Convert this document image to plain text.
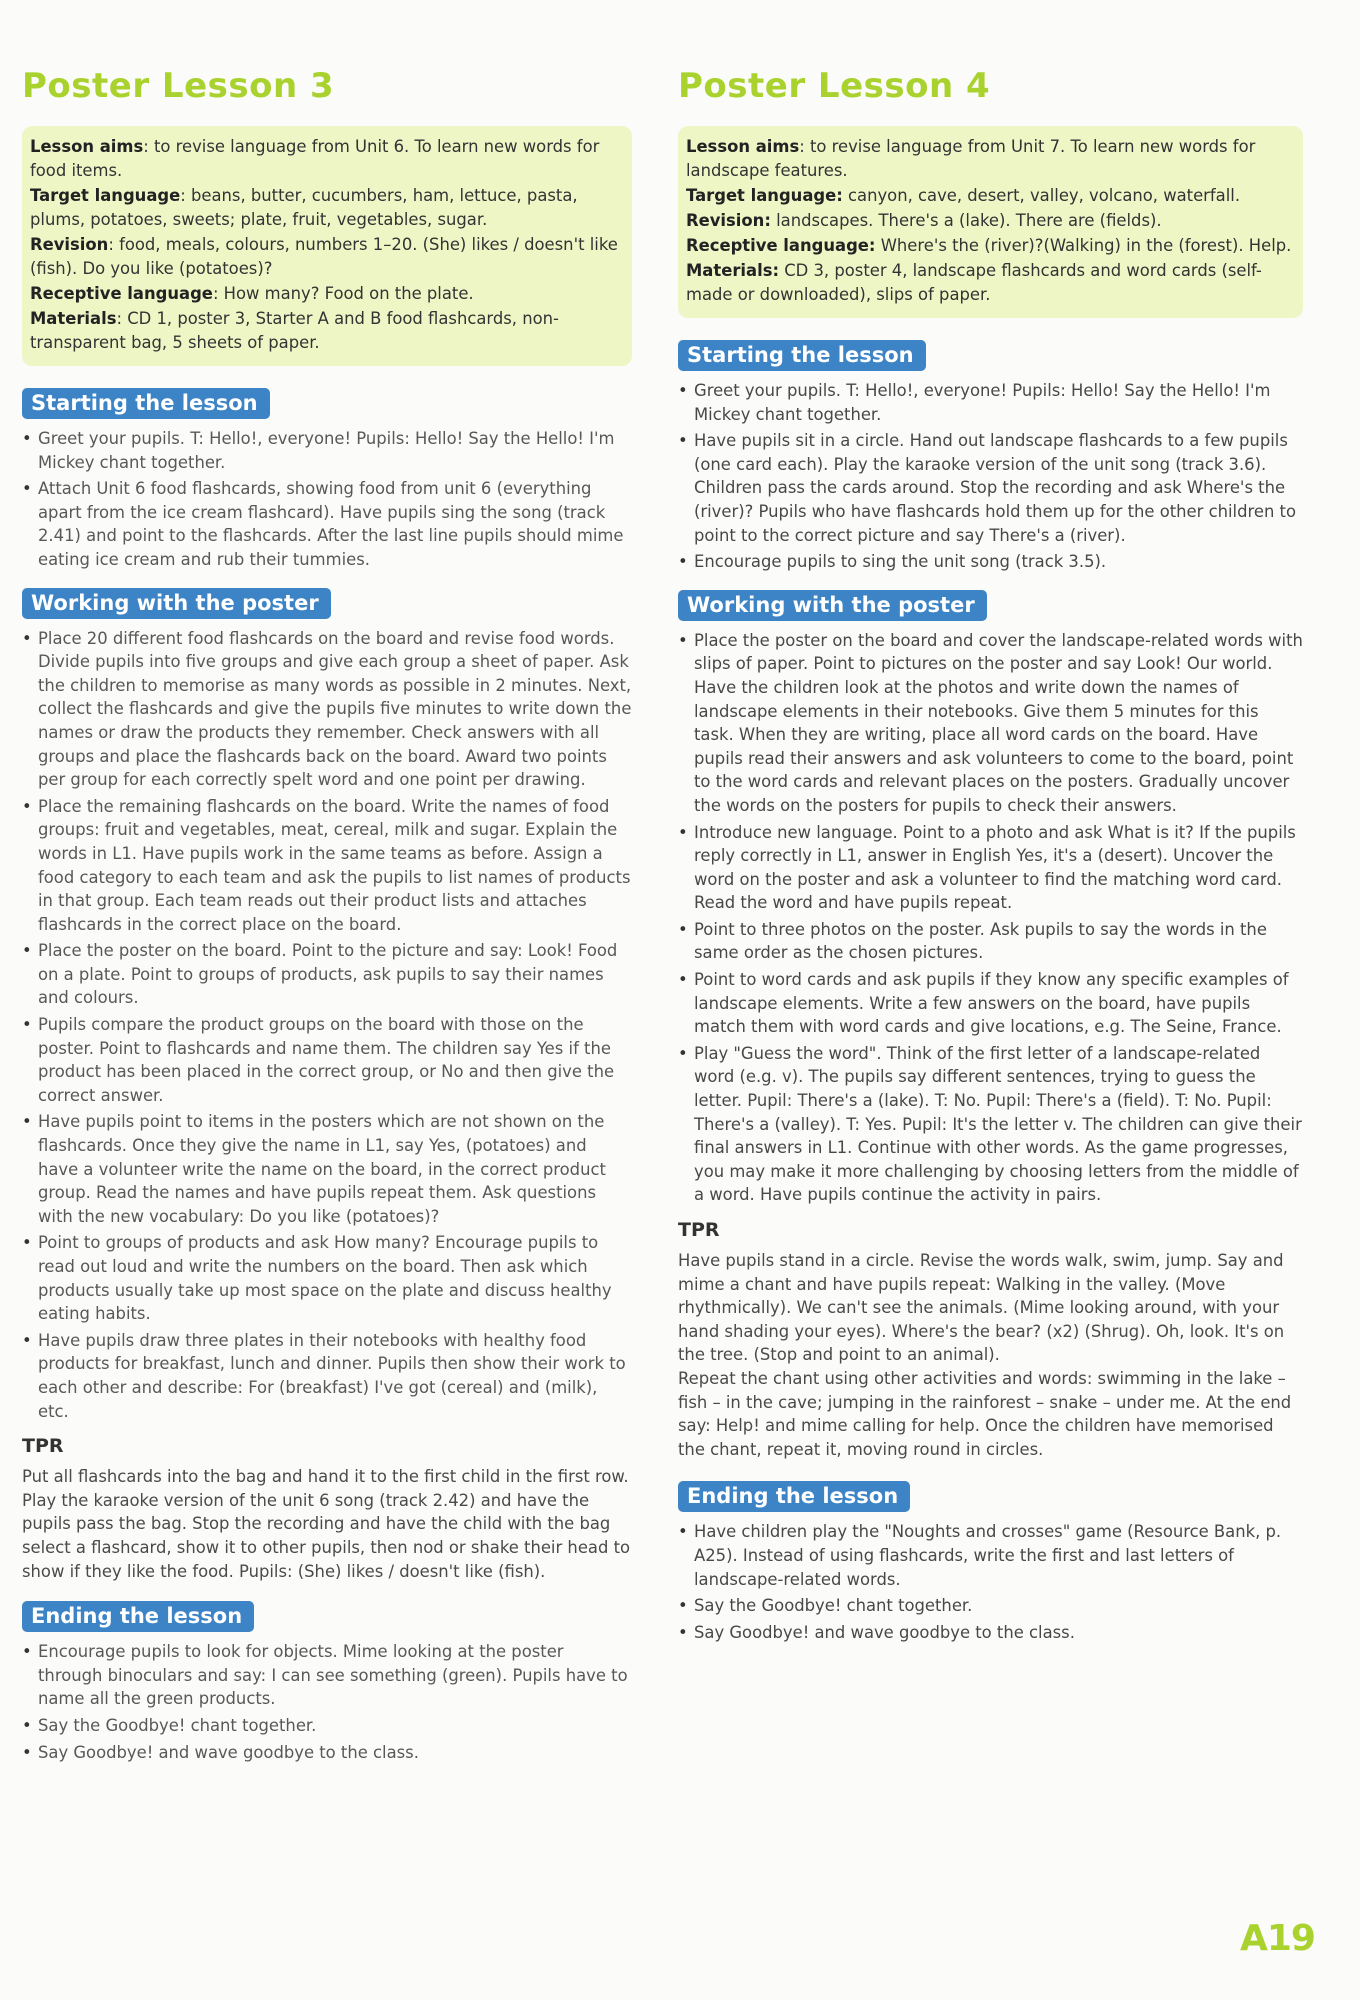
Poster Lesson 3

Lesson aims: to revise language from Unit 6. To learn new words for food items.

Target language: beans, butter, cucumbers, ham, lettuce, pasta, plums, potatoes, sweets; plate, fruit, vegetables, sugar.

Revision: food, meals, colours, numbers 1–20. (She) likes / doesn't like (fish). Do you like (potatoes)?

Receptive language: How many? Food on the plate.

Materials: CD 1, poster 3, Starter A and B food flashcards, non-transparent bag, 5 sheets of paper.

Starting the lesson
• Greet your pupils. T: Hello!, everyone! Pupils: Hello! Say the Hello! I'm Mickey chant together.
• Attach Unit 6 food flashcards, showing food from unit 6 (everything apart from the ice cream flashcard). Have pupils sing the song (track 2.41) and point to the flashcards. After the last line pupils should mime eating ice cream and rub their tummies.
Working with the poster
• Place 20 different food flashcards on the board and revise food words. Divide pupils into five groups and give each group a sheet of paper. Ask the children to memorise as many words as possible in 2 minutes. Next, collect the flashcards and give the pupils five minutes to write down the names or draw the products they remember. Check answers with all groups and place the flashcards back on the board. Award two points per group for each correctly spelt word and one point per drawing.
• Place the remaining flashcards on the board. Write the names of food groups: fruit and vegetables, meat, cereal, milk and sugar. Explain the words in L1. Have pupils work in the same teams as before. Assign a food category to each team and ask the pupils to list names of products in that group. Each team reads out their product lists and attaches flashcards in the correct place on the board.
• Place the poster on the board. Point to the picture and say: Look! Food on a plate. Point to groups of products, ask pupils to say their names and colours.
• Pupils compare the product groups on the board with those on the poster. Point to flashcards and name them. The children say Yes if the product has been placed in the correct group, or No and then give the correct answer.
• Have pupils point to items in the posters which are not shown on the flashcards. Once they give the name in L1, say Yes, (potatoes) and have a volunteer write the name on the board, in the correct product group. Read the names and have pupils repeat them. Ask questions with the new vocabulary: Do you like (potatoes)?
• Point to groups of products and ask How many? Encourage pupils to read out loud and write the numbers on the board. Then ask which products usually take up most space on the plate and discuss healthy eating habits.
• Have pupils draw three plates in their notebooks with healthy food products for breakfast, lunch and dinner. Pupils then show their work to each other and describe: For (breakfast) I've got (cereal) and (milk), etc.
TPR

Put all flashcards into the bag and hand it to the first child in the first row. Play the karaoke version of the unit 6 song (track 2.42) and have the pupils pass the bag. Stop the recording and have the child with the bag select a flashcard, show it to other pupils, then nod or shake their head to show if they like the food. Pupils: (She) likes / doesn't like (fish).

Ending the lesson
• Encourage pupils to look for objects. Mime looking at the poster through binoculars and say: I can see something (green). Pupils have to name all the green products.
• Say the Goodbye! chant together.
• Say Goodbye! and wave goodbye to the class.
Poster Lesson 4

Lesson aims: to revise language from Unit 7. To learn new words for landscape features.

Target language: canyon, cave, desert, valley, volcano, waterfall.

Revision: landscapes. There's a (lake). There are (fields).

Receptive language: Where's the (river)?(Walking) in the (forest). Help.

Materials: CD 3, poster 4, landscape flashcards and word cards (self-made or downloaded), slips of paper.

Starting the lesson
• Greet your pupils. T: Hello!, everyone! Pupils: Hello! Say the Hello! I'm Mickey chant together.
• Have pupils sit in a circle. Hand out landscape flashcards to a few pupils (one card each). Play the karaoke version of the unit song (track 3.6). Children pass the cards around. Stop the recording and ask Where's the (river)? Pupils who have flashcards hold them up for the other children to point to the correct picture and say There's a (river).
• Encourage pupils to sing the unit song (track 3.5).
Working with the poster
• Place the poster on the board and cover the landscape-related words with slips of paper. Point to pictures on the poster and say Look! Our world. Have the children look at the photos and write down the names of landscape elements in their notebooks. Give them 5 minutes for this task. When they are writing, place all word cards on the board. Have pupils read their answers and ask volunteers to come to the board, point to the word cards and relevant places on the posters. Gradually uncover the words on the posters for pupils to check their answers.
• Introduce new language. Point to a photo and ask What is it? If the pupils reply correctly in L1, answer in English Yes, it's a (desert). Uncover the word on the poster and ask a volunteer to find the matching word card. Read the word and have pupils repeat.
• Point to three photos on the poster. Ask pupils to say the words in the same order as the chosen pictures.
• Point to word cards and ask pupils if they know any specific examples of landscape elements. Write a few answers on the board, have pupils match them with word cards and give locations, e.g. The Seine, France.
• Play "Guess the word". Think of the first letter of a landscape-related word (e.g. v). The pupils say different sentences, trying to guess the letter. Pupil: There's a (lake). T: No. Pupil: There's a (field). T: No. Pupil: There's a (valley). T: Yes. Pupil: It's the letter v. The children can give their final answers in L1. Continue with other words. As the game progresses, you may make it more challenging by choosing letters from the middle of a word. Have pupils continue the activity in pairs.
TPR

Have pupils stand in a circle. Revise the words walk, swim, jump. Say and mime a chant and have pupils repeat: Walking in the valley. (Move rhythmically). We can't see the animals. (Mime looking around, with your hand shading your eyes). Where's the bear? (x2) (Shrug). Oh, look. It's on the tree. (Stop and point to an animal).

Repeat the chant using other activities and words: swimming in the lake – fish – in the cave; jumping in the rainforest – snake – under me. At the end say: Help! and mime calling for help. Once the children have memorised the chant, repeat it, moving round in circles.

Ending the lesson
• Have children play the "Noughts and crosses" game (Resource Bank, p. A25). Instead of using flashcards, write the first and last letters of landscape-related words.
• Say the Goodbye! chant together.
• Say Goodbye! and wave goodbye to the class.
A19
